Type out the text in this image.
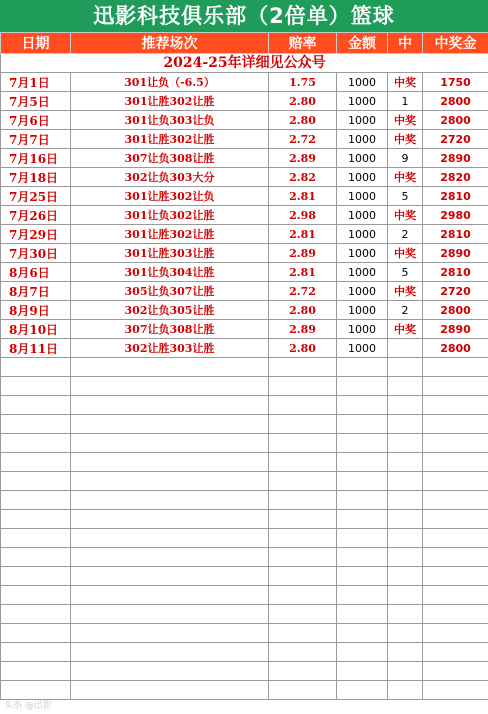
迅影科技俱乐部（2倍单）篮球
日期	推荐场次	赔率	金额	中	中奖金
2024-25年详细见公众号					
7月1日	301让负（-6.5）	1.75	1000	中奖	1750
7月5日	301让胜302让胜	2.80	1000	1	2800
7月6日	301让负303让负	2.80	1000	中奖	2800
7月7日	301让胜302让胜	2.72	1000	中奖	2720
7月16日	307让负308让胜	2.89	1000	9	2890
7月18日	302让负303大分	2.82	1000	中奖	2820
7月25日	301让胜302让负	2.81	1000	5	2810
7月26日	301让负302让胜	2.98	1000	中奖	2980
7月29日	301让胜302让胜	2.81	1000	2	2810
7月30日	301让胜303让胜	2.89	1000	中奖	2890
8月6日	301让负304让胜	2.81	1000	5	2810
8月7日	305让负307让胜	2.72	1000	中奖	2720
8月9日	302让负305让胜	2.80	1000	2	2800
8月10日	307让负308让胜	2.89	1000	中奖	2890
8月11日	302让胜303让胜	2.80	1000		2800

头条 @迅影
